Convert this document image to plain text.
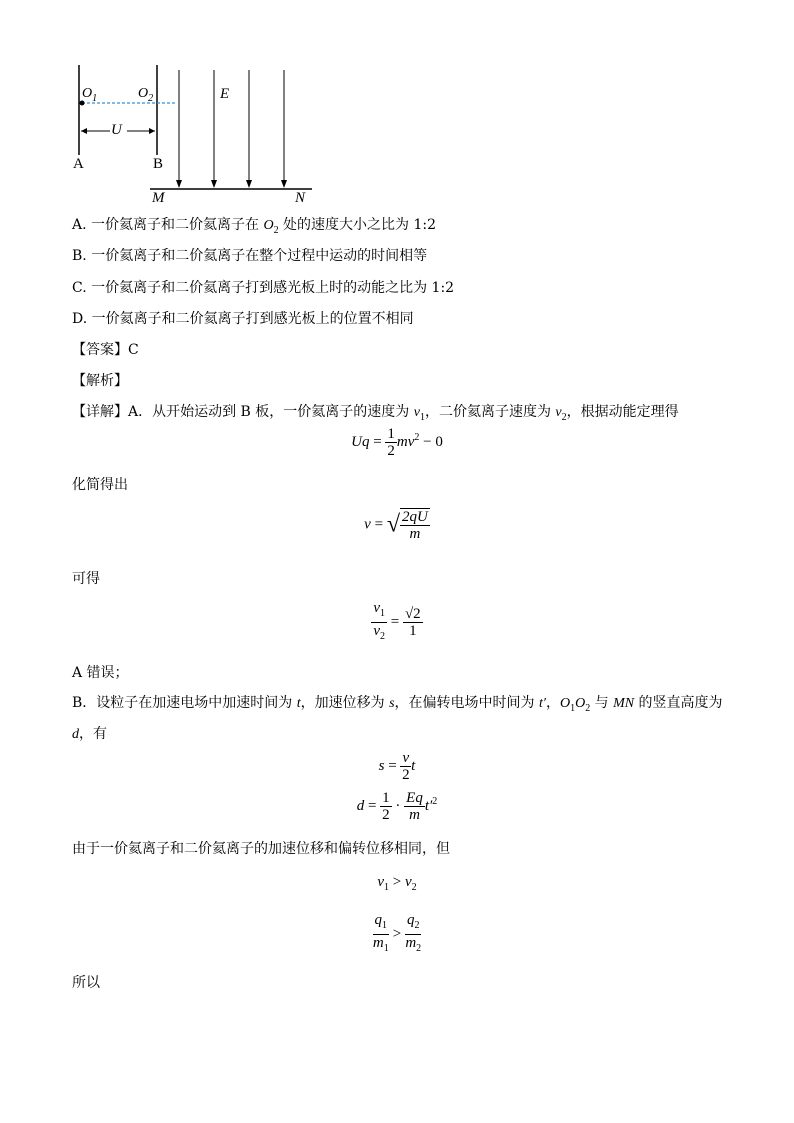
$O_1$	$O_2$	E
U
A	B
M	N
A. 一价氦离子和二价氦离子在 $O_2$ 处的速度大小之比为 1:2
B. 一价氦离子和二价氦离子在整个过程中运动的时间相等
C. 一价氦离子和二价氦离子打到感光板上时的动能之比为 1:2
D. 一价氦离子和二价氦离子打到感光板上的位置不相同
【答案】C
【解析】
【详解】A．从开始运动到 B 板，一价氦离子的速度为 $v_1$，二价氦离子速度为 $v_2$，根据动能定理得
$Uq = \frac{1}{2} mv^2 - 0$
化简得出
v = √ $\frac{2qU}{m}$
可得
$\frac{v_1}{v_2} = \frac{√2}{1}$
A 错误；
B．设粒子在加速电场中加速时间为 t，加速位移为 s，在偏转电场中时间为 t′，$O_1O_2$ 与 MN 的竖直高度为
d，有
$s = \frac{v}{2}$ t
$d = \frac{1}{2} \cdot \frac{Eq}{m} t'^2$
由于一价氦离子和二价氦离子的加速位移和偏转位移相同，但
$v_1 > v_2$
$\frac{q_1}{m_1} > \frac{q_2}{m_2}$
所以
